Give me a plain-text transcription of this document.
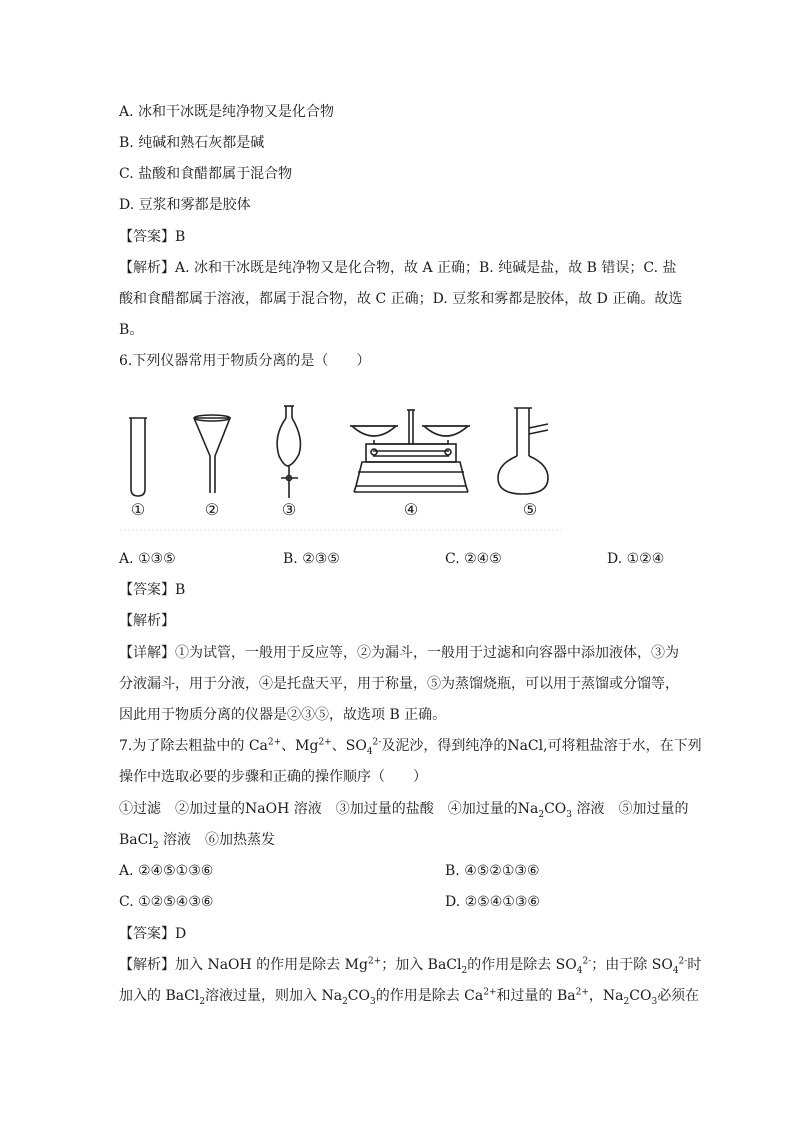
A. 冰和干冰既是纯净物又是化合物
B. 纯碱和熟石灰都是碱
C. 盐酸和食醋都属于混合物
D. 豆浆和雾都是胶体
【答案】B
【解析】A. 冰和干冰既是纯净物又是化合物，故 A 正确；B. 纯碱是盐，故 B 错误；C. 盐
酸和食醋都属于溶液，都属于混合物，故 C 正确；D. 豆浆和雾都是胶体，故 D 正确。故选
B。
6.下列仪器常用于物质分离的是（　　）
①	②	③	④	⑤
A. ①③⑤	B. ②③⑤	C. ②④⑤	D. ①②④
【答案】B
【解析】
【详解】①为试管，一般用于反应等，②为漏斗，一般用于过滤和向容器中添加液体，③为
分液漏斗，用于分液，④是托盘天平，用于称量，⑤为蒸馏烧瓶，可以用于蒸馏或分馏等，
因此用于物质分离的仪器是②③⑤，故选项 B 正确。
7.为了除去粗盐中的 $Ca^{2+}$、$Mg^{2+}$、$SO_4^{2-}$及泥沙，得到纯净的NaCl,可将粗盐溶于水，在下列
操作中选取必要的步骤和正确的操作顺序（　　）
①过滤　②加过量的NaOH 溶液　③加过量的盐酸　④加过量的$Na_2CO_3$ 溶液　⑤加过量的
BaCl$_2$ 溶液　⑥加热蒸发
A. ②④⑤①③⑥	B. ④⑤②①③⑥
C. ①②⑤④③⑥	D. ②⑤④①③⑥
【答案】D
【解析】加入 NaOH 的作用是除去 $Mg^{2+}$；加入 BaCl$_2$的作用是除去 $SO_4^{2-}$；由于除 $SO_4^{2-}$时
加入的 BaCl$_2$溶液过量，则加入 $Na_2CO_3$的作用是除去 $Ca^{2+}$和过量的 $Ba^{2+}$，$Na_2CO_3$必须在
